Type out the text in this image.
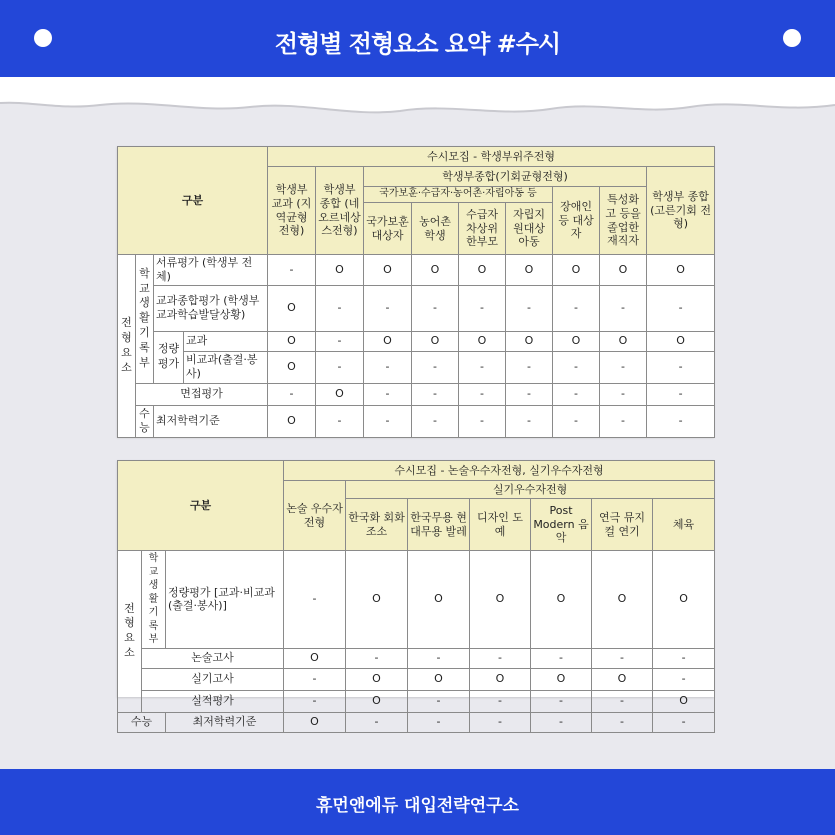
전형별 전형요소 요약 #수시
구분				수시모집 - 학생부위주전형								
				학생부 교과 (지역균형 전형)	학생부 종합 (네오르네상스전형)	학생부종합(기회균형전형)						학생부 종합 (고른기회 전형)
						국가보훈·수급자·농어촌·자립아동 등				장애인 등 대상자	특성화고 등을 졸업한 재직자	
						국가보훈대상자	농어촌 학생	수급자 차상위 한부모	자립지원대상 아동			
전형요소	학교생활기록부	서류평가 (학생부 전체)		-	O	O	O	O	O	O	O	O
		교과종합평가 (학생부 교과학습발달상황)		O	-	-	-	-	-	-	-	-
		정량평가	교과	O	-	O	O	O	O	O	O	O
			비교과(출결·봉사)	O	-	-	-	-	-	-	-	-
	면접평가			-	O	-	-	-	-	-	-	-
	수능	최저학력기준		O	-	-	-	-	-	-	-	-
구분			수시모집 - 논술우수자전형, 실기우수자전형						
			논술 우수자 전형	실기우수자전형					
				한국화 회화 조소	한국무용 현대무용 발레	디자인 도예	Post Modern 음악	연극 뮤지컬 연기	체육
전형요소	학교생활기록부	정량평가 [교과·비교과(출결·봉사)]	-	O	O	O	O	O	O
	논술고사		O	-	-	-	-	-	-
	실기고사		-	O	O	O	O	O	-
	실적평가		-	O	-	-	-	-	O
수능		최저학력기준	O	-	-	-	-	-	-
휴먼앤에듀 대입전략연구소
